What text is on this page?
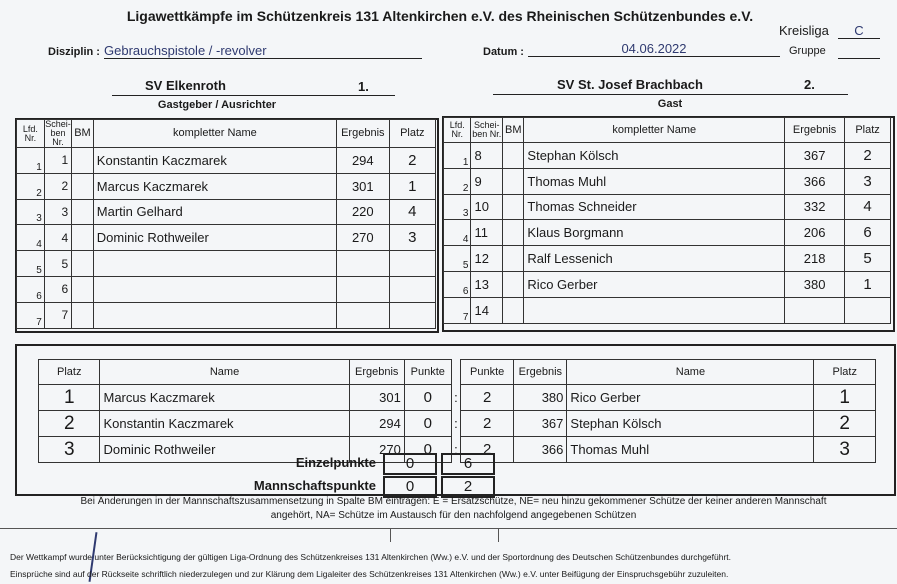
Ligawettkämpfe im Schützenkreis 131 Altenkirchen e.V. des Rheinischen Schützenbundes e.V.
Kreisliga	C
Gruppe
Disziplin : Gebrauchspistole / -revolver	Datum :	04.06.2022
SV Elkenroth	1.
Gastgeber / Ausrichter
SV St. Josef Brachbach	2.
Gast
Lfd. Nr.	Schei- ben Nr.	BM	kompletter Name	Ergebnis	Platz
1	1		Konstantin Kaczmarek	294	2
2	2		Marcus Kaczmarek	301	1
3	3		Martin Gelhard	220	4
4	4		Dominic Rothweiler	270	3
5	5				
6	6				
7	7				
Lfd. Nr.	Schei- ben Nr.	BM	kompletter Name	Ergebnis	Platz
1	8		Stephan Kölsch	367	2
2	9		Thomas Muhl	366	3
3	10		Thomas Schneider	332	4
4	11		Klaus Borgmann	206	6
5	12		Ralf Lessenich	218	5
6	13		Rico Gerber	380	1
7	14				
Platz	Name	Ergebnis	Punkte		Punkte	Ergebnis	Name	Platz
1	Marcus Kaczmarek	301	0	:	2	380	Rico Gerber	1
2	Konstantin Kaczmarek	294	0	:	2	367	Stephan Kölsch	2
3	Dominic Rothweiler	270	0	:	2	366	Thomas Muhl	3
Einzelpunkte	0	6
Mannschaftspunkte	0	2
Bei Änderungen in der Mannschaftszusammensetzung in Spalte BM eintragen: E = Ersatzschütze, NE= neu hinzu gekommener Schütze der keiner anderen Mannschaft
angehört, NA= Schütze im Austausch für den nachfolgend angegebenen Schützen
Der Wettkampf wurde unter Berücksichtigung der gültigen Liga-Ordnung des Schützenkreises 131 Altenkirchen (Ww.) e.V. und der Sportordnung des Deutschen Schützenbundes durchgeführt.
Einsprüche sind auf der Rückseite schriftlich niederzulegen und zur Klärung dem Ligaleiter des Schützenkreises 131 Altenkirchen (Ww.) e.V. unter Beifügung der Einspruchsgebühr zuzuleiten.
